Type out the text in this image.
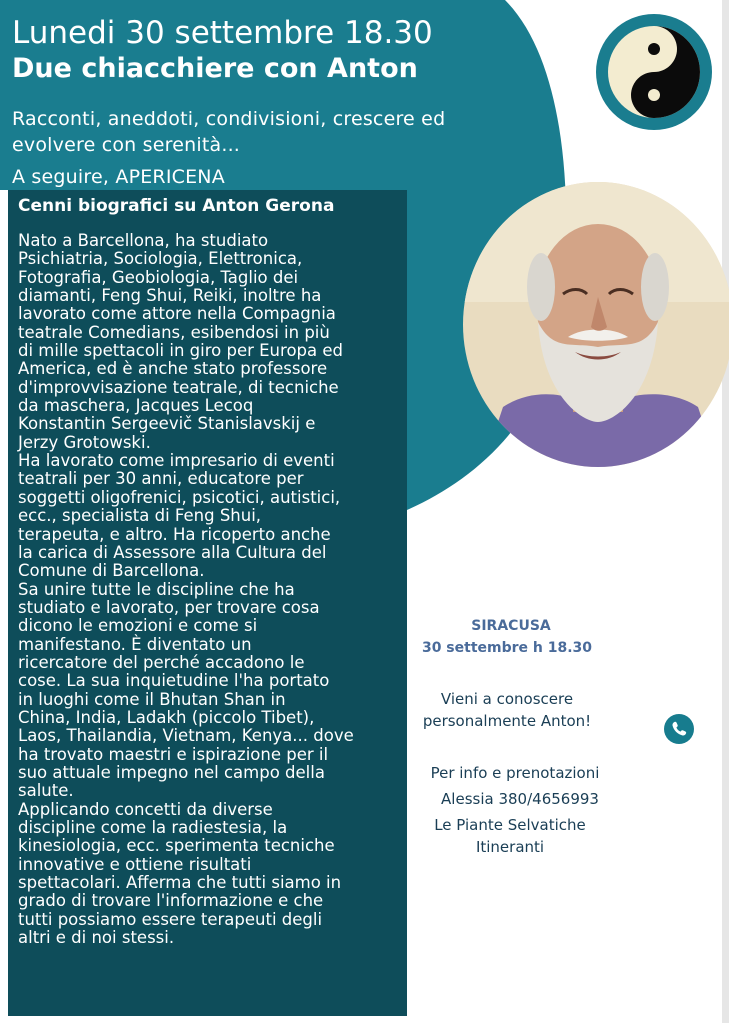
Lunedi 30 settembre 18.30

Due chiacchiere con Anton

Racconti, aneddoti, condivisioni, crescere ed evolvere con serenità...

A seguire, APERICENA

Cenni biografici su Anton Gerona
Nato a Barcellona, ha studiato
Psichiatria, Sociologia, Elettronica,
Fotografia, Geobiologia, Taglio dei
diamanti, Feng Shui, Reiki, inoltre ha
lavorato come attore nella Compagnia
teatrale Comedians, esibendosi in più
di mille spettacoli in giro per Europa ed
America, ed è anche stato professore
d'improvvisazione teatrale, di tecniche
da maschera, Jacques Lecoq
Konstantin Sergeevič Stanislavskij e
Jerzy Grotowski.
Ha lavorato come impresario di eventi
teatrali per 30 anni, educatore per
soggetti oligofrenici, psicotici, autistici,
ecc., specialista di Feng Shui,
terapeuta, e altro. Ha ricoperto anche
la carica di Assessore alla Cultura del
Comune di Barcellona.
Sa unire tutte le discipline che ha
studiato e lavorato, per trovare cosa
dicono le emozioni e come si
manifestano. È diventato un
ricercatore del perché accadono le
cose. La sua inquietudine l'ha portato
in luoghi come il Bhutan Shan in
China, India, Ladakh (piccolo Tibet),
Laos, Thailandia, Vietnam, Kenya... dove
ha trovato maestri e ispirazione per il
suo attuale impegno nel campo della
salute.
Applicando concetti da diverse
discipline come la radiestesia, la
kinesiologia, ecc. sperimenta tecniche
innovative e ottiene risultati
spettacolari. Afferma che tutti siamo in
grado di trovare l'informazione e che
tutti possiamo essere terapeuti degli
altri e di noi stessi.
SIRACUSA
30 settembre h 18.30
Vieni a conoscere
personalmente Anton!
Per info e prenotazioni
Alessia 380/4656993
Le Piante Selvatiche
Itineranti
